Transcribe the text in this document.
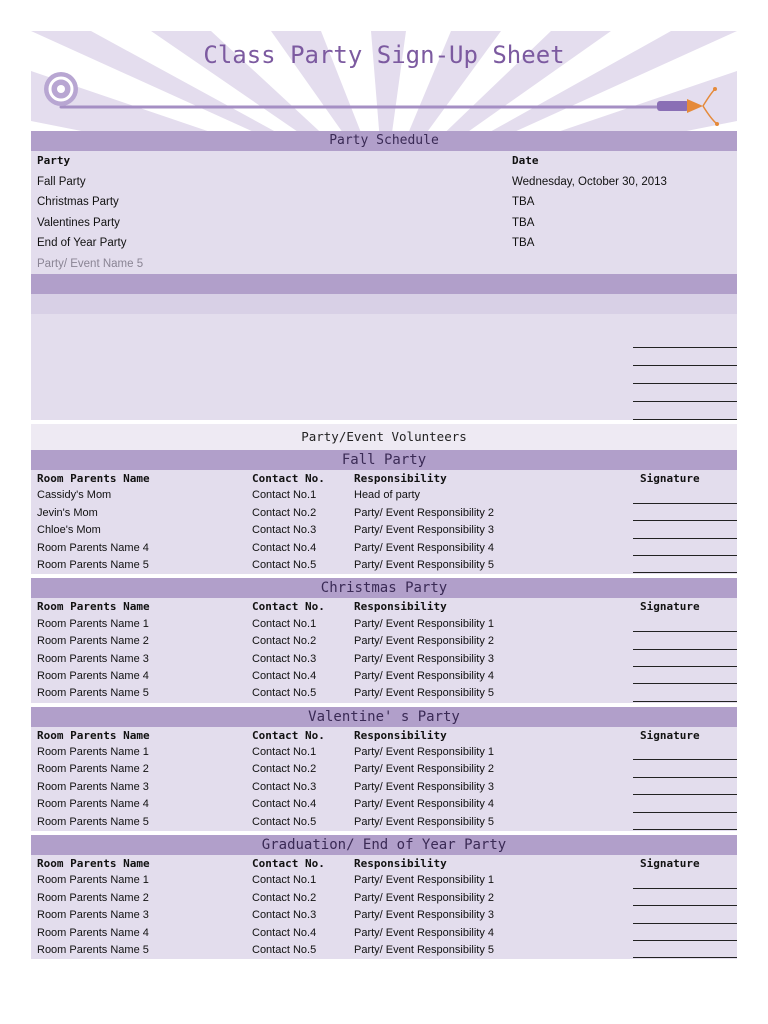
Class Party Sign-Up Sheet
Party Schedule
Party	Date
Fall Party	Wednesday, October 30, 2013
Christmas Party	TBA
Valentines Party	TBA
End of Year Party	TBA
Party/ Event Name 5
Party/Event Volunteers
Fall Party
Room Parents Name	Contact No.	Responsibility	Signature
Cassidy's Mom	Contact No.1	Head of party
Jevin's Mom	Contact No.2	Party/ Event Responsibility 2
Chloe's Mom	Contact No.3	Party/ Event Responsibility 3
Room Parents Name 4	Contact No.4	Party/ Event Responsibility 4
Room Parents Name 5	Contact No.5	Party/ Event Responsibility 5
Christmas Party
Room Parents Name	Contact No.	Responsibility	Signature
Room Parents Name 1	Contact No.1	Party/ Event Responsibility 1
Room Parents Name 2	Contact No.2	Party/ Event Responsibility 2
Room Parents Name 3	Contact No.3	Party/ Event Responsibility 3
Room Parents Name 4	Contact No.4	Party/ Event Responsibility 4
Room Parents Name 5	Contact No.5	Party/ Event Responsibility 5
Valentine' s Party
Room Parents Name	Contact No.	Responsibility	Signature
Room Parents Name 1	Contact No.1	Party/ Event Responsibility 1
Room Parents Name 2	Contact No.2	Party/ Event Responsibility 2
Room Parents Name 3	Contact No.3	Party/ Event Responsibility 3
Room Parents Name 4	Contact No.4	Party/ Event Responsibility 4
Room Parents Name 5	Contact No.5	Party/ Event Responsibility 5
Graduation/ End of Year Party
Room Parents Name	Contact No.	Responsibility	Signature
Room Parents Name 1	Contact No.1	Party/ Event Responsibility 1
Room Parents Name 2	Contact No.2	Party/ Event Responsibility 2
Room Parents Name 3	Contact No.3	Party/ Event Responsibility 3
Room Parents Name 4	Contact No.4	Party/ Event Responsibility 4
Room Parents Name 5	Contact No.5	Party/ Event Responsibility 5
